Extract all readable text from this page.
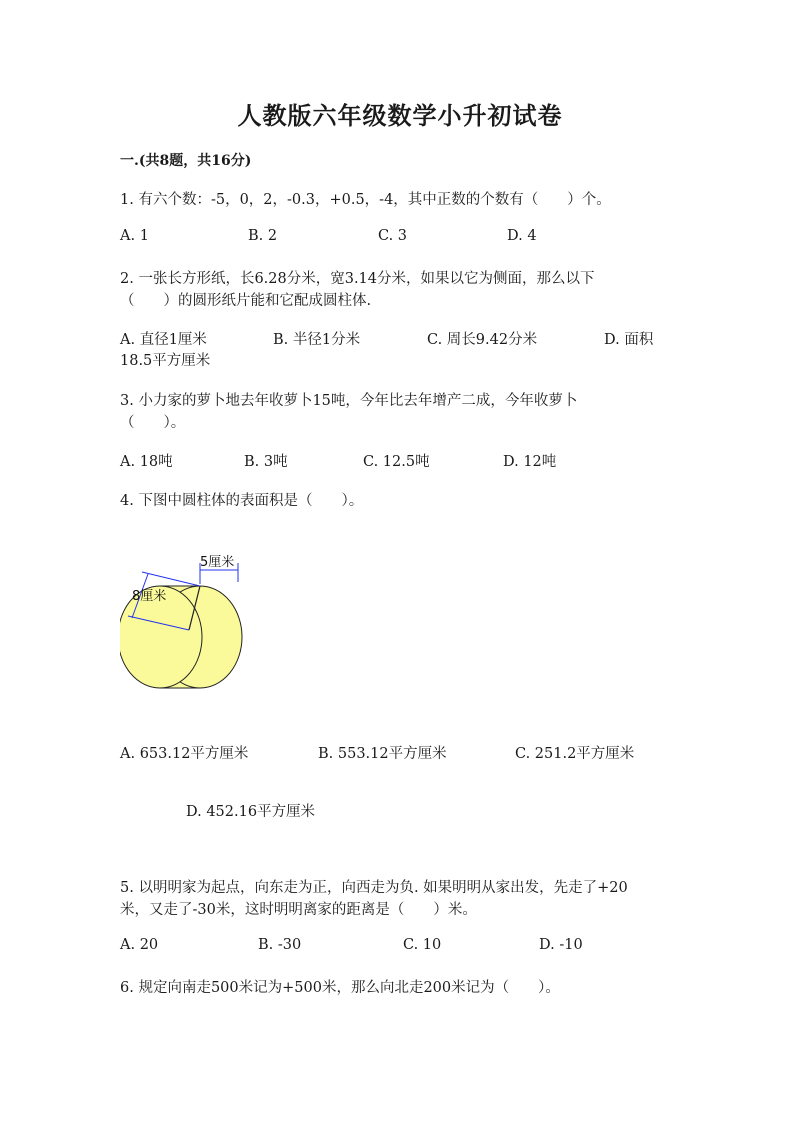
人教版六年级数学小升初试卷
一.(共8题，共16分)
1. 有六个数：-5，0，2，-0.3，+0.5，-4，其中正数的个数有（　　）个。
A. 1	B. 2	C. 3	D. 4
2. 一张长方形纸，长6.28分米，宽3.14分米，如果以它为侧面，那么以下
（　　）的圆形纸片能和它配成圆柱体.
A. 直径1厘米	B. 半径1分米	C. 周长9.42分米	D. 面积
18.5平方厘米
3. 小力家的萝卜地去年收萝卜15吨，今年比去年增产二成，今年收萝卜
（　　）。
A. 18吨	B. 3吨	C. 12.5吨	D. 12吨
4. 下图中圆柱体的表面积是（　　）。
5厘米
8厘米
A. 653.12平方厘米	B. 553.12平方厘米	C. 251.2平方厘米
D. 452.16平方厘米
5. 以明明家为起点，向东走为正，向西走为负. 如果明明从家出发，先走了+20
米，又走了-30米，这时明明离家的距离是（　　）米。
A. 20	B. -30	C. 10	D. -10
6. 规定向南走500米记为+500米，那么向北走200米记为（　　）。
